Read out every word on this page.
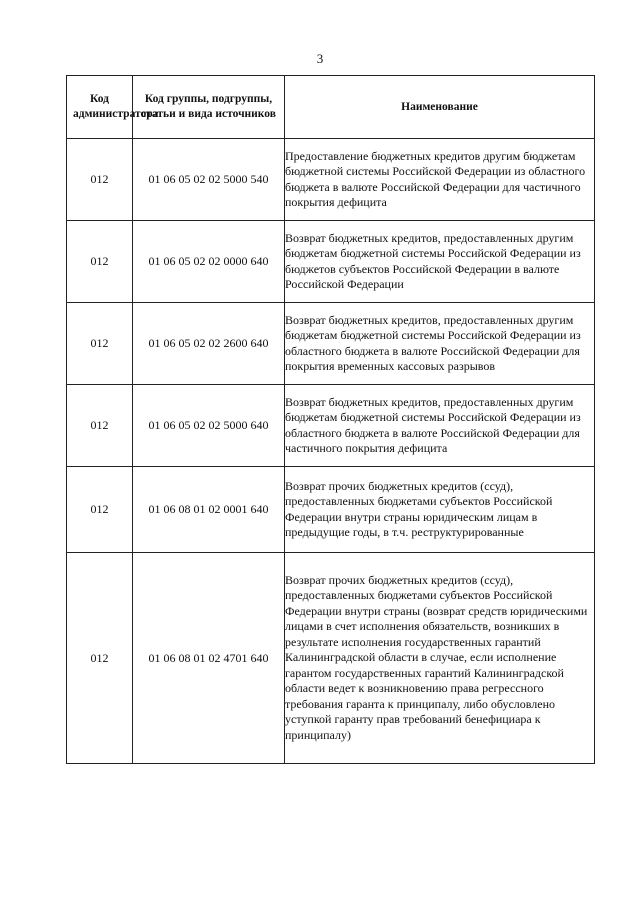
3
Код администратора	Код группы, подгруппы, статьи и вида источников	Наименование
012	01 06 05 02 02 5000 540	Предоставление бюджетных кредитов другим бюджетам бюджетной системы Российской Федерации из областного бюджета в валюте Российской Федерации для частичного покрытия дефицита
012	01 06 05 02 02 0000 640	Возврат бюджетных кредитов, предоставленных другим бюджетам бюджетной системы Российской Федерации из бюджетов субъектов Российской Федерации в валюте Российской Федерации
012	01 06 05 02 02 2600 640	Возврат бюджетных кредитов, предоставленных другим бюджетам бюджетной системы Российской Федерации из областного бюджета в валюте Российской Федерации для покрытия временных кассовых разрывов
012	01 06 05 02 02 5000 640	Возврат бюджетных кредитов, предоставленных другим бюджетам бюджетной системы Российской Федерации из областного бюджета в валюте Российской Федерации для частичного покрытия дефицита
012	01 06 08 01 02 0001 640	Возврат прочих бюджетных кредитов (ссуд), предоставленных бюджетами субъектов Российской Федерации внутри страны юридическим лицам в предыдущие годы, в т.ч. реструктурированные
012	01 06 08 01 02 4701 640	Возврат прочих бюджетных кредитов (ссуд), предоставленных бюджетами субъектов Российской Федерации внутри страны (возврат средств юридическими лицами в счет исполнения обязательств, возникших в результате исполнения государственных гарантий Калининградской области в случае, если исполнение гарантом государственных гарантий Калининградской области ведет к возникновению права регрессного требования гаранта к принципалу, либо обусловлено уступкой гаранту прав требований бенефициара к принципалу)
